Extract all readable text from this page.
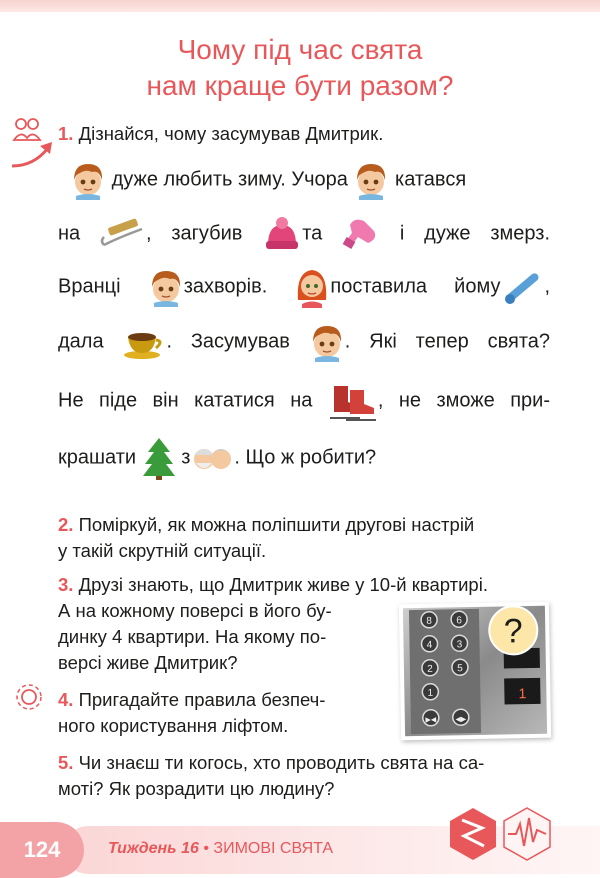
Чому під час свята
нам краще бути разом?
1. Дізнайся, чому засумував Дмитрик.
дуже любить зиму. Учора катався
на	, загубив	та	і дуже змерз.
Вранці	захворів.	поставила йому ,
дала	. Засумував	. Які тепер свята?
Не піде він кататися на	, не зможе при-
крашати з . Що ж робити?
2. Поміркуй, як можна поліпшити другові настрій
у такій скрутній ситуації.
3. Друзі знають, що Дмитрик живе у 10-й квартирі.
А на кожному поверсі в його бу-
динку 4 квартири. На якому по-
версі живе Дмитрик?
8 6
4 3
2 5
1
▶◀	◀▶
1
?
4. Пригадайте правила безпеч-
ного користування ліфтом.
5. Чи знаєш ти когось, хто проводить свята на са-
моті? Як розрадити цю людину?
124	Тиждень 16 • ЗИМОВІ СВЯТА
